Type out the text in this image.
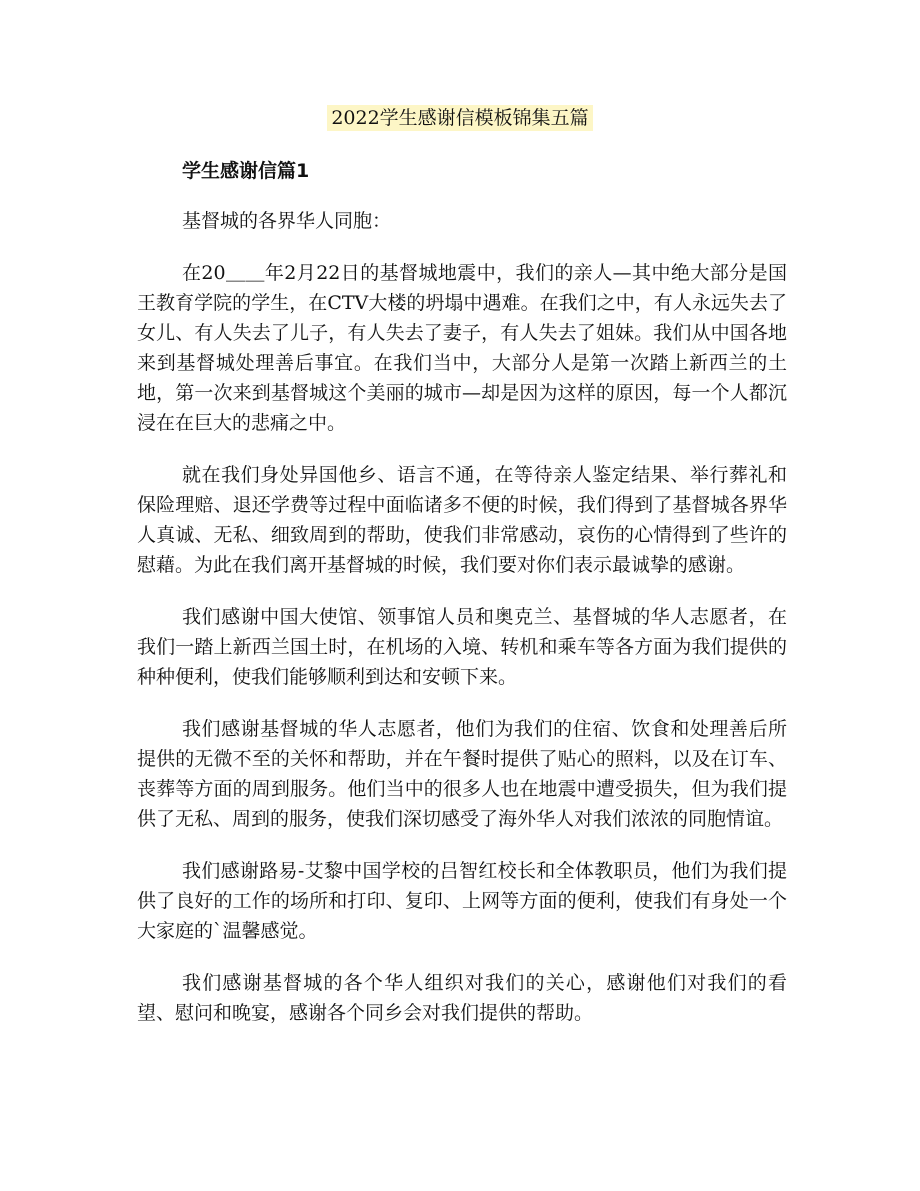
2022学生感谢信模板锦集五篇
学生感谢信篇1

基督城的各界华人同胞：

在20＿＿年2月22日的基督城地震中，我们的亲人—其中绝大部分是国王教育学院的学生，在CTV大楼的坍塌中遇难。在我们之中，有人永远失去了女儿、有人失去了儿子，有人失去了妻子，有人失去了姐妹。我们从中国各地来到基督城处理善后事宜。在我们当中，大部分人是第一次踏上新西兰的土地，第一次来到基督城这个美丽的城市—却是因为这样的原因，每一个人都沉浸在在巨大的悲痛之中。

就在我们身处异国他乡、语言不通，在等待亲人鉴定结果、举行葬礼和保险理赔、退还学费等过程中面临诸多不便的时候，我们得到了基督城各界华人真诚、无私、细致周到的帮助，使我们非常感动，哀伤的心情得到了些许的慰藉。为此在我们离开基督城的时候，我们要对你们表示最诚挚的感谢。

我们感谢中国大使馆、领事馆人员和奥克兰、基督城的华人志愿者，在我们一踏上新西兰国土时，在机场的入境、转机和乘车等各方面为我们提供的种种便利，使我们能够顺利到达和安顿下来。

我们感谢基督城的华人志愿者，他们为我们的住宿、饮食和处理善后所提供的无微不至的关怀和帮助，并在午餐时提供了贴心的照料，以及在订车、丧葬等方面的周到服务。他们当中的很多人也在地震中遭受损失，但为我们提供了无私、周到的服务，使我们深切感受了海外华人对我们浓浓的同胞情谊。

我们感谢路易-艾黎中国学校的吕智红校长和全体教职员，他们为我们提供了良好的工作的场所和打印、复印、上网等方面的便利，使我们有身处一个大家庭的`温馨感觉。

我们感谢基督城的各个华人组织对我们的关心，感谢他们对我们的看望、慰问和晚宴，感谢各个同乡会对我们提供的帮助。
